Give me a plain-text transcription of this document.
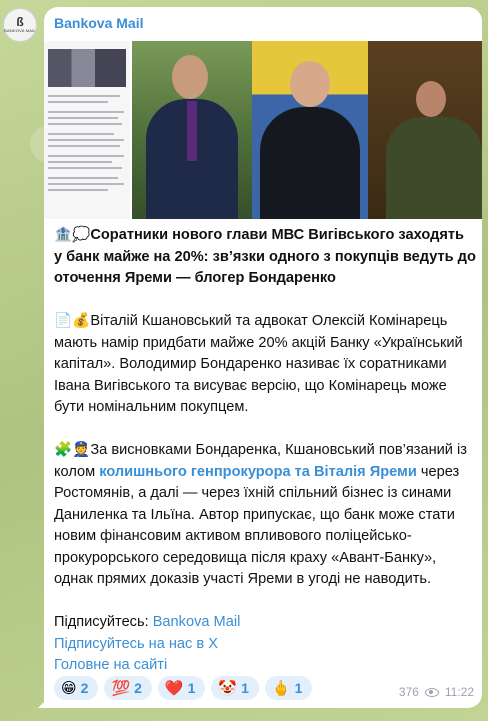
ß
BANKOVA MAIL Bankova Mail

🏦💭Соратники нового глави МВС Вигівського заходять у банк майже на 20%: зв’язки одного з покупців ведуть до оточення Яреми — блогер Бондаренко

📄💰Віталій Кшановський та адвокат Олексій Комінарець мають намір придбати майже 20% акцій Банку «Український капітал». Володимир Бондаренко називає їх соратниками Івана Вигівського та висуває версію, що Комінарець може бути номінальним покупцем.

🧩👮За висновками Бондаренка, Кшановський пов’язаний із колом колишнього генпрокурора та Віталія Яреми через Ростомянів, а далі — через їхній спільний бізнес із синами Даниленка та Ільїна. Автор припускає, що банк може стати новим фінансовим активом впливового поліцейсько-прокурорського середовища після краху «Авант-Банку», однак прямих доказів участі Яреми в угоді не наводить.

Підписуйтесь: Bankova Mail

Підписуйтесь на нас в X

Головне на сайті

😁 2 💯 2 ❤️ 1 🤡 1 🖕 1	376 11:22
